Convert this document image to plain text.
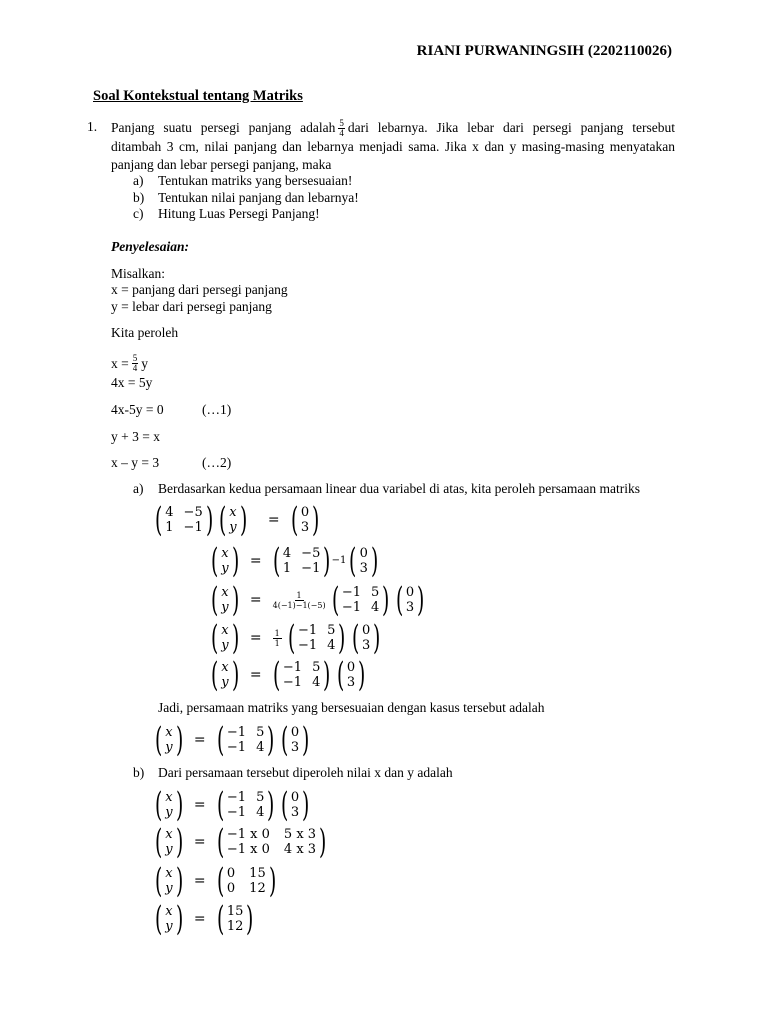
RIANI PURWANINGSIH (2202110026)
Soal Kontekstual tentang Matriks
1. Panjang suatu persegi panjang adalah $\frac{5}{4}$ dari lebarnya. Jika lebar dari persegi panjang tersebut
ditambah 3 cm, nilai panjang dan lebarnya menjadi sama. Jika x dan y masing-masing menyatakan
panjang dan lebar persegi panjang, maka
a) Tentukan matriks yang bersesuaian!
b) Tentukan nilai panjang dan lebarnya!
c) Hitung Luas Persegi Panjang!
Penyelesaian:
Misalkan:
x = panjang dari persegi panjang
y = lebar dari persegi panjang
Kita peroleh
$x = \frac{5}{4}$ y
4x = 5y
4x-5y = 0	(…1)
y + 3 = x
x – y = 3	(…2)
a) Berdasarkan kedua persamaan linear dua variabel di atas, kita peroleh persamaan matriks
( 4 −5
1 −1 ) ( x
y ) = ( 0
3 )
( x
y ) = ( 4 −5
1 −1 ) −1 ( 0
3 )
( x
y ) = $\frac{1}{4(-1)-1(-5)}$ ( −1 5
−1 4 ) ( 0
3 )
( x
y ) = $\frac{1}{1}$ ( −1 5
−1 4 ) ( 0
3 )
( x
y ) = ( −1 5
−1 4 ) ( 0
3 )
Jadi, persamaan matriks yang bersesuaian dengan kasus tersebut adalah
( x
y ) = ( −1 5
−1 4 ) ( 0
3 )
b) Dari persamaan tersebut diperoleh nilai x dan y adalah
( x
y ) = ( −1 5
−1 4 ) ( 0
3 )
( x
y ) = ( −1 x 0 5 x 3
−1 x 0 4 x 3 )
( x
y ) = ( 0 15
0 12 )
( x
y ) = ( 15
12 )
